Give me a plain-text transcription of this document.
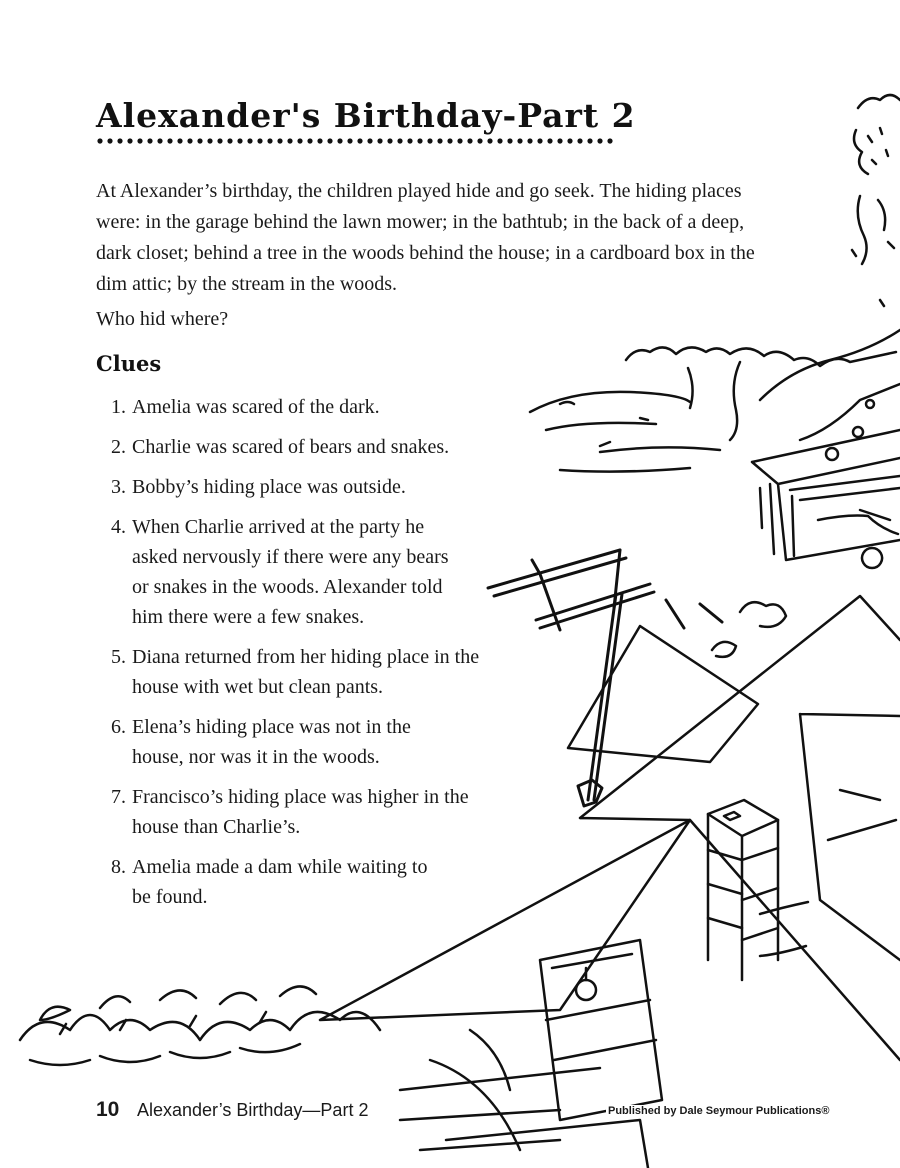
Alexander's Birthday-Part 2

At Alexander’s birthday, the children played hide and go seek. The hiding places were: in the garage behind the lawn mower; in the bathtub; in the back of a deep, dark closet; behind a tree in the woods behind the house; in a cardboard box in the dim attic; by the stream in the woods.

Who hid where?

Clues
1. Amelia was scared of the dark.
2. Charlie was scared of bears and snakes.
3. Bobby’s hiding place was outside.
4. When Charlie arrived at the party he asked nervously if there were any bears or snakes in the woods. Alexander told him there were a few snakes.
5. Diana returned from her hiding place in the house with wet but clean pants.
6. Elena’s hiding place was not in the house, nor was it in the woods.
7. Francisco’s hiding place was higher in the house than Charlie’s.
8. Amelia made a dam while waiting to be found.
10 Alexander’s Birthday—Part 2	Published by Dale Seymour Publications®
